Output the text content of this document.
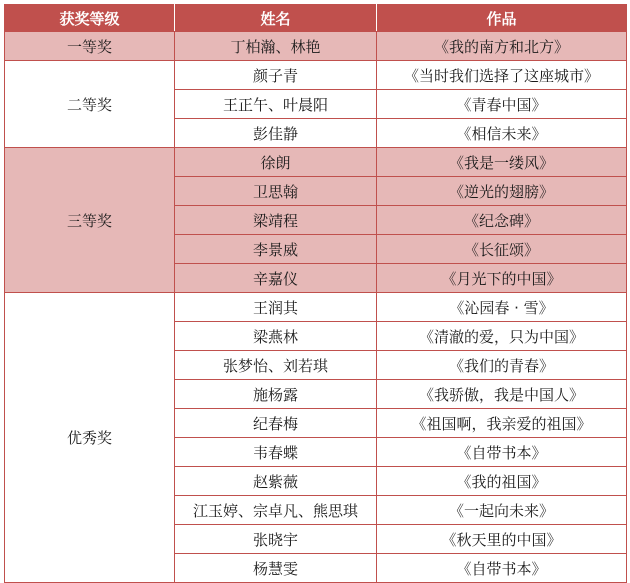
获奖等级	姓名	作品
一等奖	丁柏瀚、林艳	《我的南方和北方》
二等奖	颜子青	《当时我们选择了这座城市》
	王正午、叶晨阳	《青春中国》
	彭佳静	《相信未来》
三等奖	徐朗	《我是一缕风》
	卫思翰	《逆光的翅膀》
	梁靖程	《纪念碑》
	李景威	《长征颂》
	辛嘉仪	《月光下的中国》
优秀奖	王润其	《沁园春 · 雪》
	梁燕林	《清澈的爱，只为中国》
	张梦怡、刘若琪	《我们的青春》
	施杨露	《我骄傲，我是中国人》
	纪春梅	《祖国啊，我亲爱的祖国》
	韦春蝶	《自带书本》
	赵紫薇	《我的祖国》
	江玉婷、宗卓凡、熊思琪	《一起向未来》
	张晓宇	《秋天里的中国》
	杨慧雯	《自带书本》
